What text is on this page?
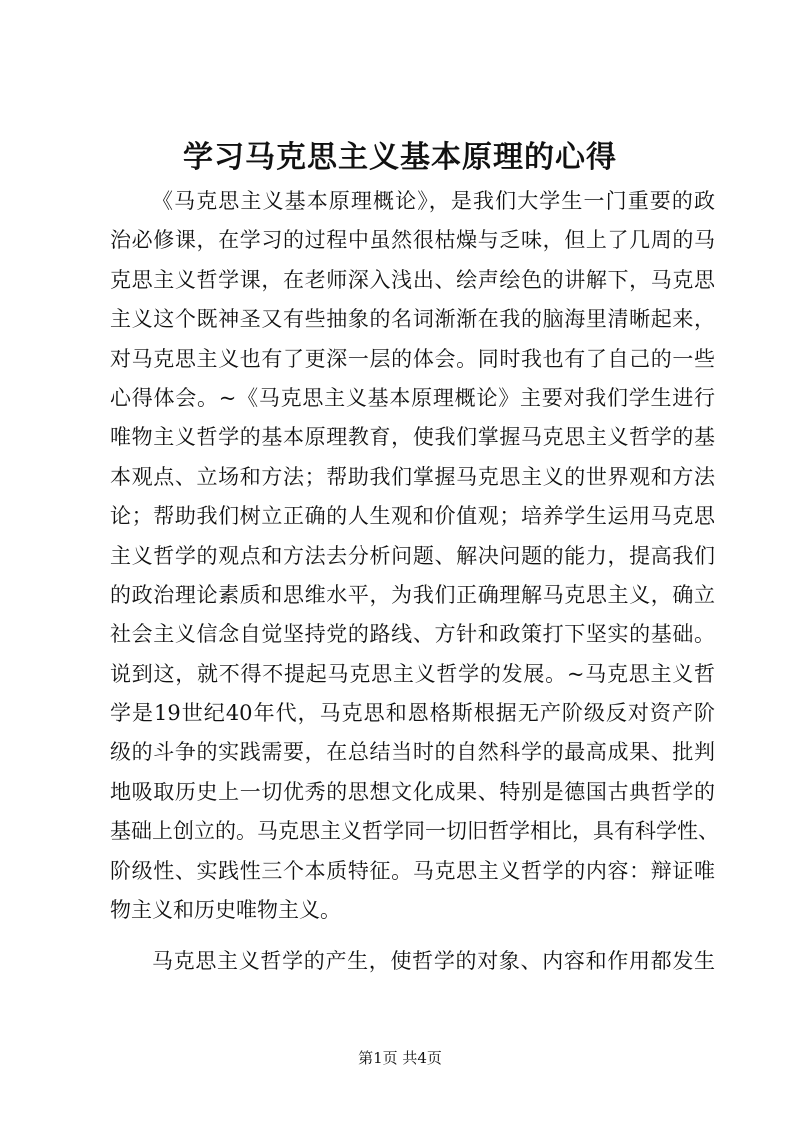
学习马克思主义基本原理的心得
《马克思主义基本原理概论》，是我们大学生一门重要的政
治必修课，在学习的过程中虽然很枯燥与乏味，但上了几周的马
克思主义哲学课，在老师深入浅出、绘声绘色的讲解下，马克思
主义这个既神圣又有些抽象的名词渐渐在我的脑海里清晰起来，
对马克思主义也有了更深一层的体会。同时我也有了自己的一些
心得体会。~《马克思主义基本原理概论》主要对我们学生进行
唯物主义哲学的基本原理教育，使我们掌握马克思主义哲学的基
本观点、立场和方法；帮助我们掌握马克思主义的世界观和方法
论；帮助我们树立正确的人生观和价值观；培养学生运用马克思
主义哲学的观点和方法去分析问题、解决问题的能力，提高我们
的政治理论素质和思维水平，为我们正确理解马克思主义，确立
社会主义信念自觉坚持党的路线、方针和政策打下坚实的基础。
说到这，就不得不提起马克思主义哲学的发展。~马克思主义哲
学是19世纪40年代，马克思和恩格斯根据无产阶级反对资产阶
级的斗争的实践需要，在总结当时的自然科学的最高成果、批判
地吸取历史上一切优秀的思想文化成果、特别是德国古典哲学的
基础上创立的。马克思主义哲学同一切旧哲学相比，具有科学性、
阶级性、实践性三个本质特征。马克思主义哲学的内容：辩证唯
物主义和历史唯物主义。
马克思主义哲学的产生，使哲学的对象、内容和作用都发生
第1页 共4页
